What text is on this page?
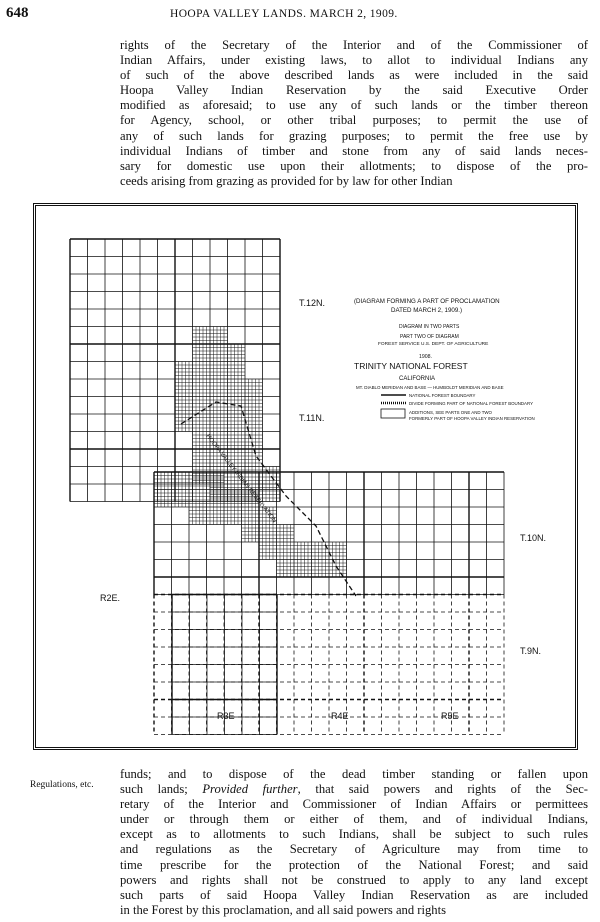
648	HOOPA VALLEY LANDS. MARCH 2, 1909.
rights of the Secretary of the Interior and of the Commissioner of
Indian Affairs, under existing laws, to allot to individual Indians any
of such of the above described lands as were included in the said
Hoopa Valley Indian Reservation by the said Executive Order
modified as aforesaid; to use any of such lands or the timber thereon
for Agency, school, or other tribal purposes; to permit the use of
any of such lands for grazing purposes; to permit the free use by
individual Indians of timber and stone from any of said lands neces-
sary for domestic use upon their allotments; to dispose of the pro-
ceeds arising from grazing as provided for by law for other Indian
T.12N.
T.11N.
T.10N.
T.9N.
R2E.
R3E	R4E	R5E
(DIAGRAM FORMING A PART OF PROCLAMATION
DATED MARCH 2, 1909.)
DIAGRAM IN TWO PARTS
PART TWO OF DIAGRAM
FOREST SERVICE U.S. DEPT. OF AGRICULTURE
1908.
TRINITY NATIONAL FOREST
CALIFORNIA
MT. DIABLO MERIDIAN AND BASE — HUMBOLDT MERIDIAN AND BASE
NATIONAL FOREST BOUNDARY
DIVIDE FORMING PART OF NATIONAL FOREST BOUNDARY
ADDITIONS, SEE PARTS ONE AND TWO
FORMERLY PART OF HOOPA VALLEY INDIAN RESERVATION
HOOPA VALLEY INDIAN RESERVATION
Regulations, etc.
funds; and to dispose of the dead timber standing or fallen upon
such lands; Provided further, that said powers and rights of the Sec-
retary of the Interior and Commissioner of Indian Affairs or permittees
under or through them or either of them, and of individual Indians,
except as to allotments to such Indians, shall be subject to such rules
and regulations as the Secretary of Agriculture may from time to
time prescribe for the protection of the National Forest; and said
powers and rights shall not be construed to apply to any land except
such parts of said Hoopa Valley Indian Reservation as are included
in the Forest by this proclamation, and all said powers and rights
